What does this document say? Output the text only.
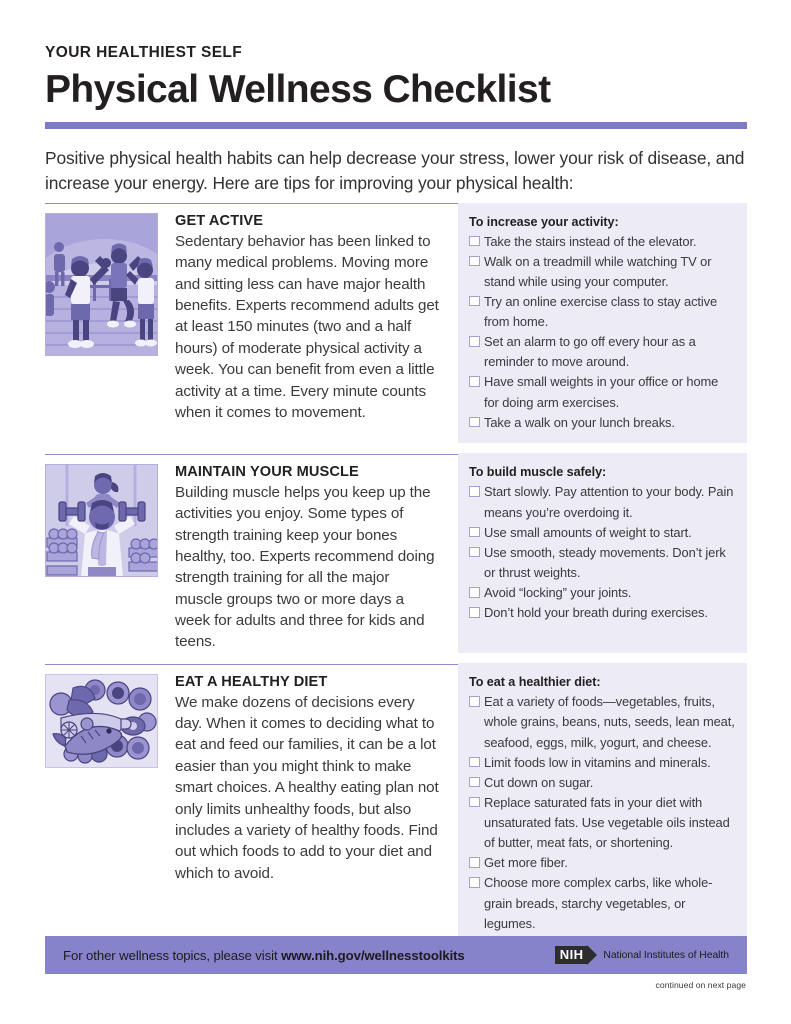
YOUR HEALTHIEST SELF
Physical Wellness Checklist
Positive physical health habits can help decrease your stress, lower your risk of disease, and increase your energy. Here are tips for improving your physical health:
GET ACTIVE
Sedentary behavior has been linked to many medical problems. Moving more and sitting less can have major health benefits. Experts recommend adults get at least 150 minutes (two and a half hours) of moderate physical activity a week. You can benefit from even a little activity at a time. Every minute counts when it comes to movement.
To increase your activity:
Take the stairs instead of the elevator.
Walk on a treadmill while watching TV or stand while using your computer.
Try an online exercise class to stay active from home.
Set an alarm to go off every hour as a reminder to move around.
Have small weights in your office or home for doing arm exercises.
Take a walk on your lunch breaks.
MAINTAIN YOUR MUSCLE
Building muscle helps you keep up the activities you enjoy. Some types of strength training keep your bones healthy, too. Experts recommend doing strength training for all the major muscle groups two or more days a week for adults and three for kids and teens.
To build muscle safely:
Start slowly. Pay attention to your body. Pain means you’re overdoing it.
Use small amounts of weight to start.
Use smooth, steady movements. Don’t jerk or thrust weights.
Avoid “locking” your joints.
Don’t hold your breath during exercises.
EAT A HEALTHY DIET
We make dozens of decisions every day. When it comes to deciding what to eat and feed our families, it can be a lot easier than you might think to make smart choices. A healthy eating plan not only limits unhealthy foods, but also includes a variety of healthy foods. Find out which foods to add to your diet and which to avoid.
To eat a healthier diet:
Eat a variety of foods—vegetables, fruits, whole grains, beans, nuts, seeds, lean meat, seafood, eggs, milk, yogurt, and cheese.
Limit foods low in vitamins and minerals.
Cut down on sugar.
Replace saturated fats in your diet with unsaturated fats. Use vegetable oils instead of butter, meat fats, or shortening.
Get more fiber.
Choose more complex carbs, like whole-grain breads, starchy vegetables, or legumes.
For other wellness topics, please visit www.nih.gov/wellnesstoolkits	NIH	National Institutes of Health
continued on next page
